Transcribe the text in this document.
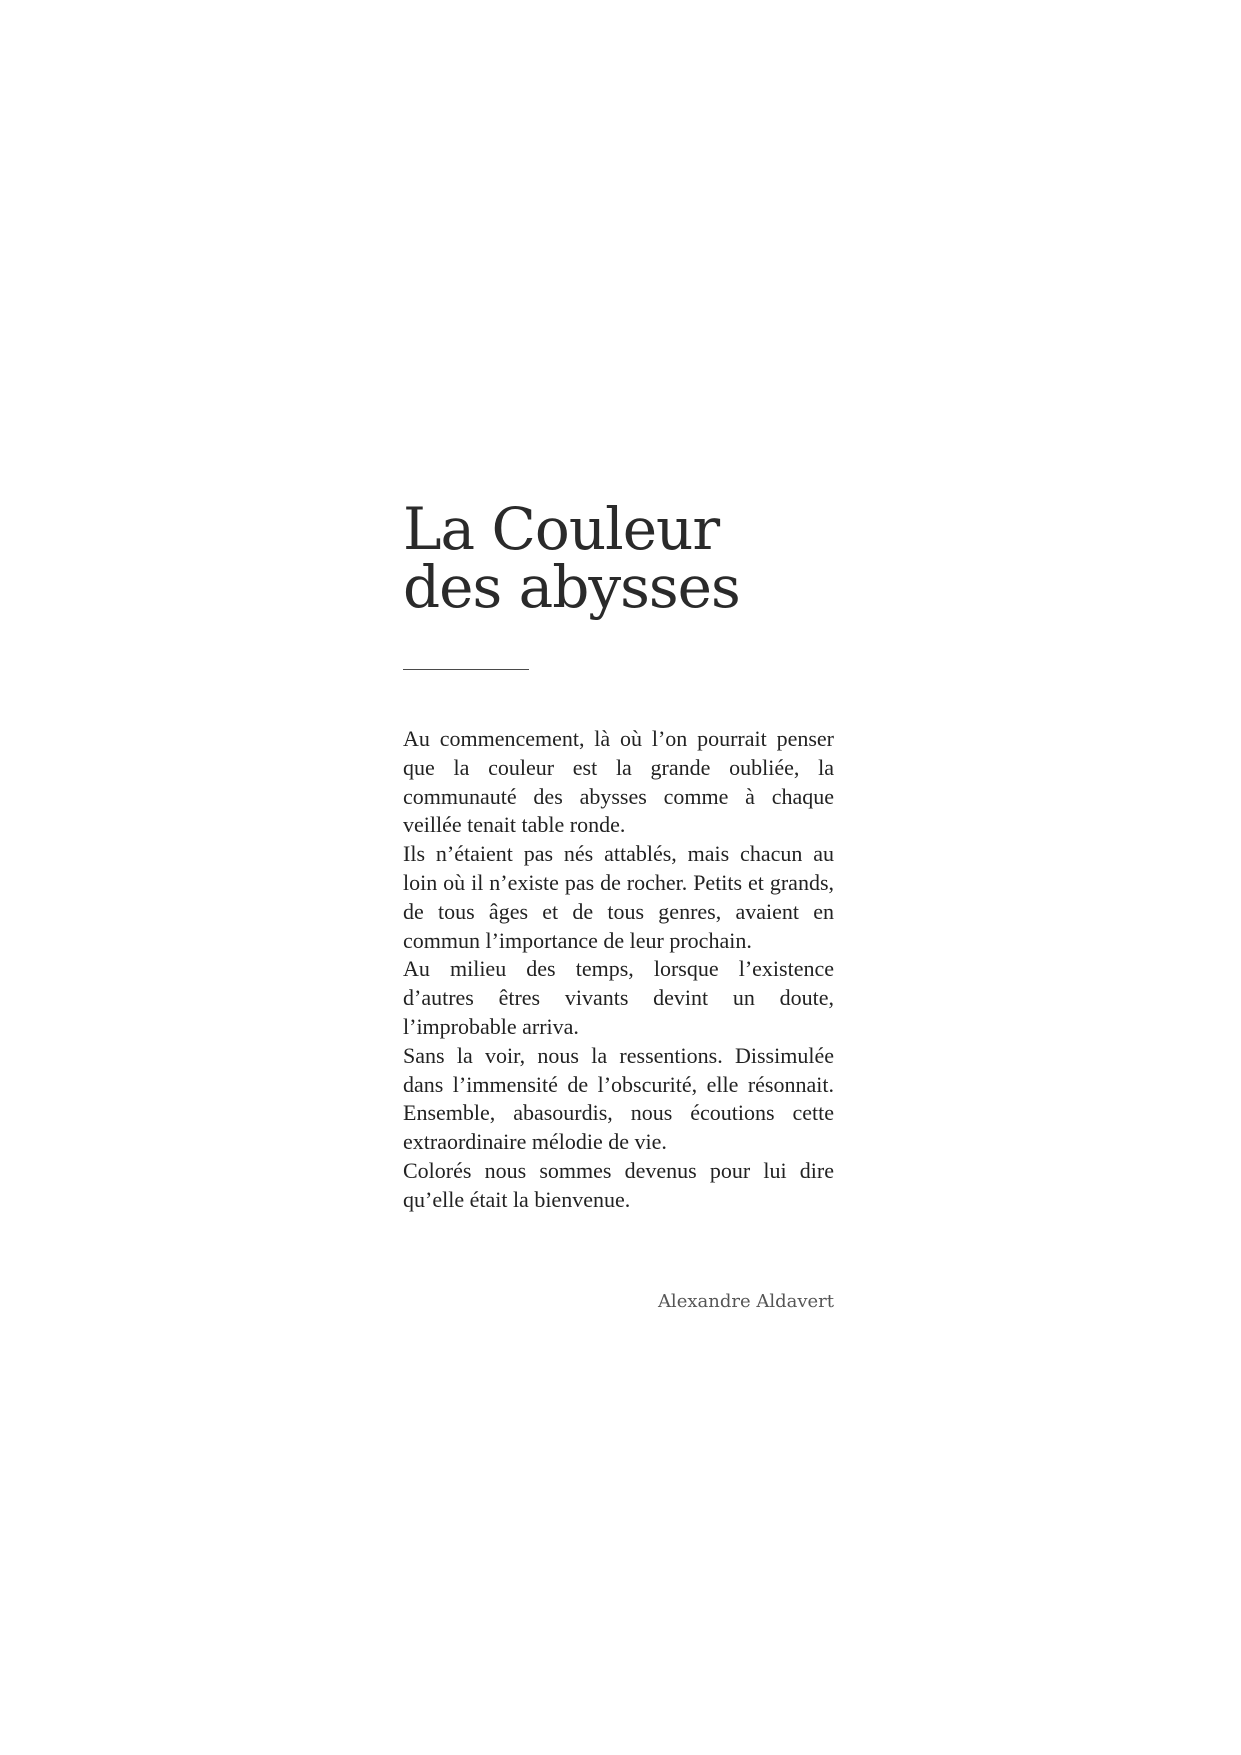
La Couleur
des abysses

Au commencement, là où l’on pourrait penser que la couleur est la grande oubliée, la communauté des abysses comme à chaque veillée tenait table ronde.

Ils n’étaient pas nés attablés, mais chacun au loin où il n’existe pas de rocher. Petits et grands, de tous âges et de tous genres, avaient en commun l’importance de leur prochain.

Au milieu des temps, lorsque l’existence d’autres êtres vivants devint un doute, l’improbable arriva.

Sans la voir, nous la ressentions. Dissimulée dans l’immensité de l’obscurité, elle résonnait. Ensemble, abasourdis, nous écoutions cette extraordinaire mélodie de vie.

Colorés nous sommes devenus pour lui dire qu’elle était la bienvenue.

Alexandre Aldavert
